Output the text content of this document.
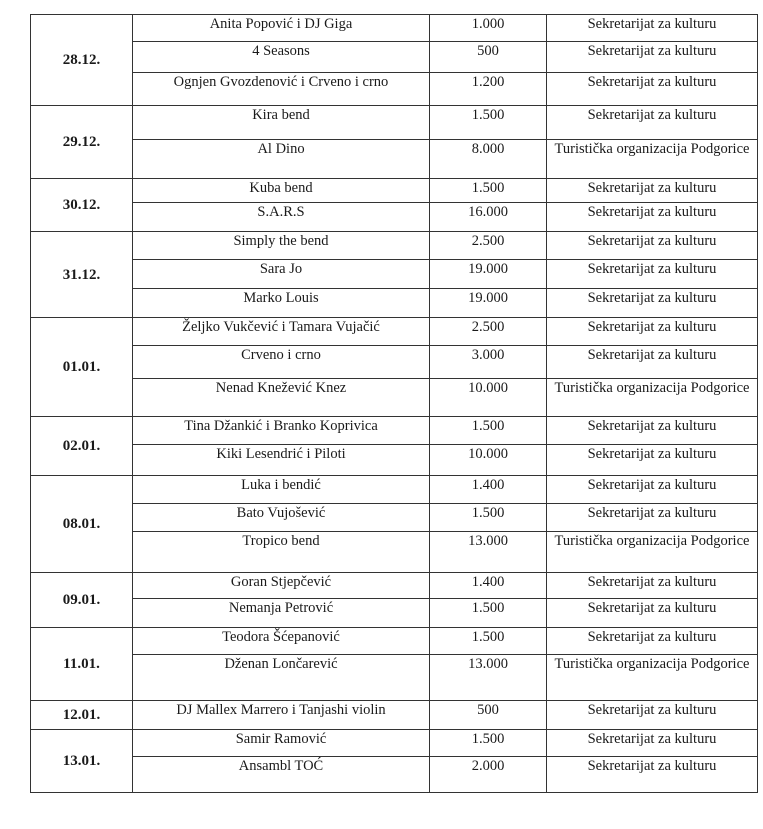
28.12.	Anita Popović i DJ Giga	1.000	Sekretarijat za kulturu
	4 Seasons	500	Sekretarijat za kulturu
	Ognjen Gvozdenović i Crveno i crno	1.200	Sekretarijat za kulturu
29.12.	Kira bend	1.500	Sekretarijat za kulturu
	Al Dino	8.000	Turistička organizacija Podgorice
30.12.	Kuba bend	1.500	Sekretarijat za kulturu
	S.A.R.S	16.000	Sekretarijat za kulturu
31.12.	Simply the bend	2.500	Sekretarijat za kulturu
	Sara Jo	19.000	Sekretarijat za kulturu
	Marko Louis	19.000	Sekretarijat za kulturu
01.01.	Željko Vukčević i Tamara Vujačić	2.500	Sekretarijat za kulturu
	Crveno i crno	3.000	Sekretarijat za kulturu
	Nenad Knežević Knez	10.000	Turistička organizacija Podgorice
02.01.	Tina Džankić i Branko Koprivica	1.500	Sekretarijat za kulturu
	Kiki Lesendrić i Piloti	10.000	Sekretarijat za kulturu
08.01.	Luka i bendić	1.400	Sekretarijat za kulturu
	Bato Vujošević	1.500	Sekretarijat za kulturu
	Tropico bend	13.000	Turistička organizacija Podgorice
09.01.	Goran Stjepčević	1.400	Sekretarijat za kulturu
	Nemanja Petrović	1.500	Sekretarijat za kulturu
11.01.	Teodora Šćepanović	1.500	Sekretarijat za kulturu
	Dženan Lončarević	13.000	Turistička organizacija Podgorice
12.01.	DJ Mallex Marrero i Tanjashi violin	500	Sekretarijat za kulturu
13.01.	Samir Ramović	1.500	Sekretarijat za kulturu
	Ansambl TOĆ	2.000	Sekretarijat za kulturu
